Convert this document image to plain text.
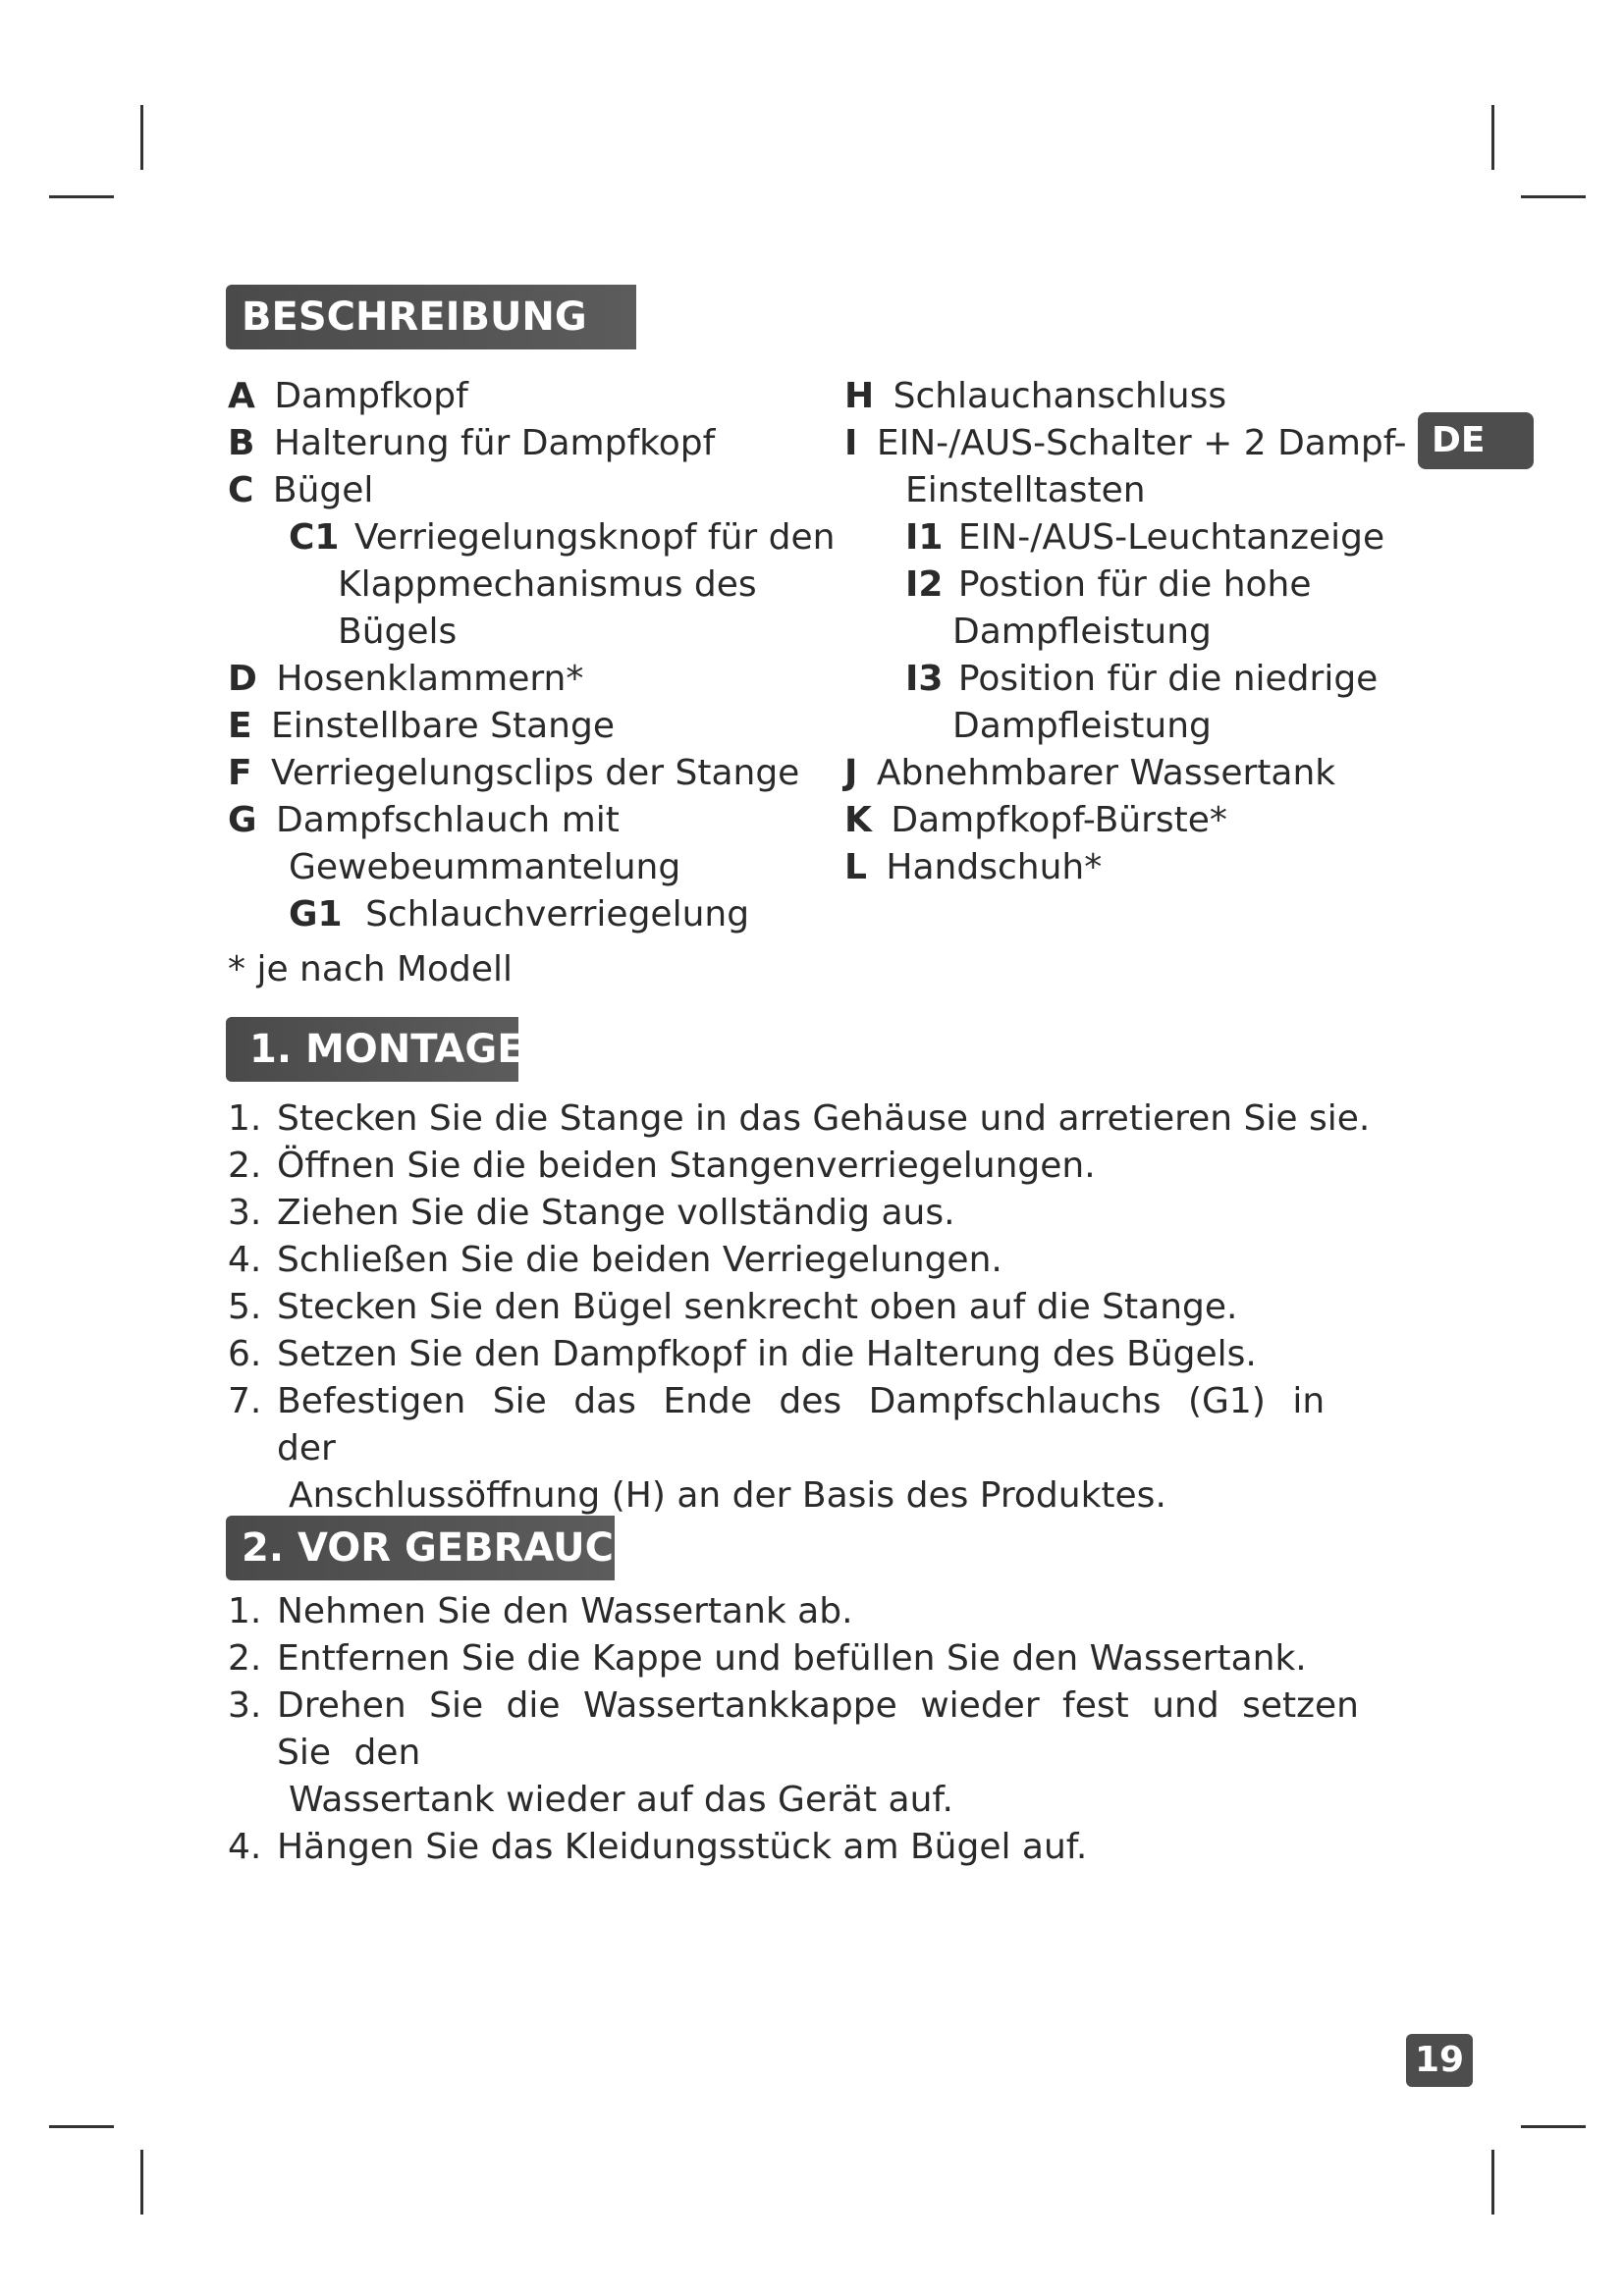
BESCHREIBUNG
DE
A Dampfkopf
B Halterung für Dampfkopf
C Bügel
C1 Verriegelungsknopf für den
Klappmechanismus des
Bügels
D Hosenklammern*
E Einstellbare Stange
F Verriegelungsclips der Stange
G Dampfschlauch mit
Gewebeummantelung
G1 Schlauchverriegelung
* je nach Modell
H Schlauchanschluss
I EIN-/AUS-Schalter + 2 Dampf-
Einstelltasten
I1 EIN-/AUS-Leuchtanzeige
I2 Postion für die hohe
Dampfleistung
I3 Position für die niedrige
Dampfleistung
J Abnehmbarer Wassertank
K Dampfkopf-Bürste*
L Handschuh*
1. MONTAGE
1. Stecken Sie die Stange in das Gehäuse und arretieren Sie sie.
2. Öffnen Sie die beiden Stangenverriegelungen.
3. Ziehen Sie die Stange vollständig aus.
4. Schließen Sie die beiden Verriegelungen.
5. Stecken Sie den Bügel senkrecht oben auf die Stange.
6. Setzen Sie den Dampfkopf in die Halterung des Bügels.
7. Befestigen Sie das Ende des Dampfschlauchs (G1) in der
Anschlussöffnung (H) an der Basis des Produktes.
2. VOR GEBRAUCH
1. Nehmen Sie den Wassertank ab.
2. Entfernen Sie die Kappe und befüllen Sie den Wassertank.
3. Drehen Sie die Wassertankkappe wieder fest und setzen Sie den
Wassertank wieder auf das Gerät auf.
4. Hängen Sie das Kleidungsstück am Bügel auf.
19
